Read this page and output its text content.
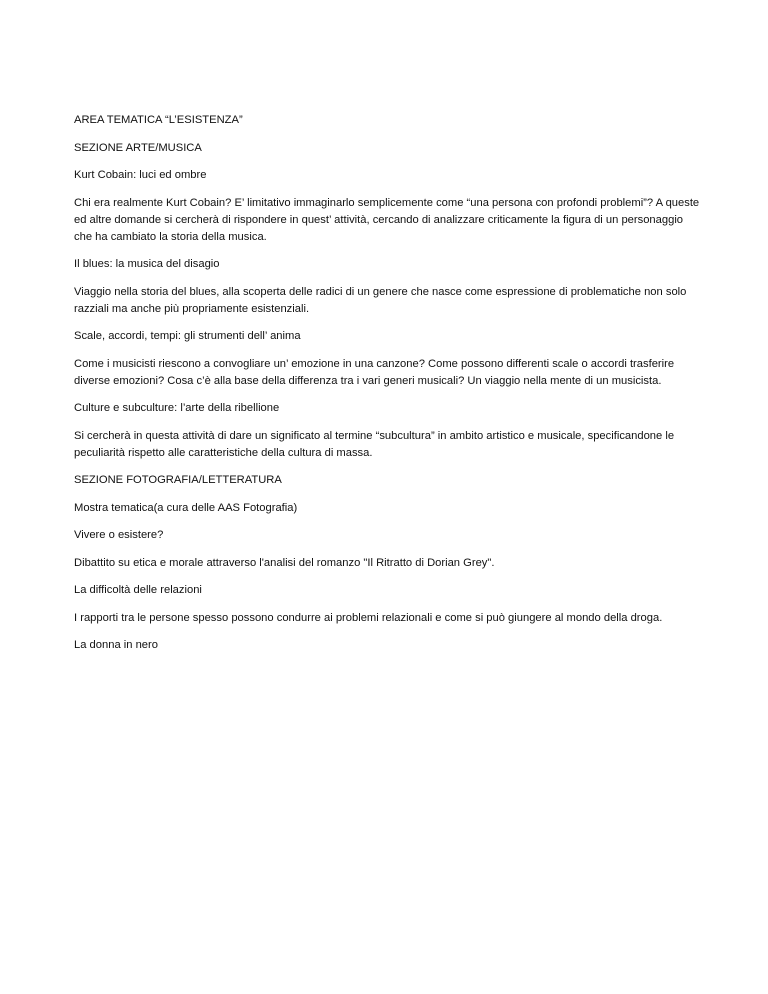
AREA TEMATICA “L’ESISTENZA”

SEZIONE ARTE/MUSICA

Kurt Cobain: luci ed ombre

Chi era realmente Kurt Cobain? E’ limitativo immaginarlo semplicemente come “una persona con profondi problemi”? A queste ed altre domande si cercherà di rispondere in quest’ attività, cercando di analizzare criticamente la figura di un personaggio che ha cambiato la storia della musica.

Il blues: la musica del disagio

Viaggio nella storia del blues, alla scoperta delle radici di un genere che nasce come espressione di problematiche non solo razziali ma anche più propriamente esistenziali.

Scale, accordi, tempi: gli strumenti dell’ anima

Come i musicisti riescono a convogliare un’ emozione in una canzone? Come possono differenti scale o accordi trasferire diverse emozioni? Cosa c’è alla base della differenza tra i vari generi musicali? Un viaggio nella mente di un musicista.

Culture e subculture: l’arte della ribellione

Si cercherà in questa attività di dare un significato al termine “subcultura” in ambito artistico e musicale, specificandone le peculiarità rispetto alle caratteristiche della cultura di massa.

SEZIONE FOTOGRAFIA/LETTERATURA

Mostra tematica(a cura delle AAS Fotografia)

Vivere o esistere?

Dibattito su etica e morale attraverso l'analisi del romanzo "Il Ritratto di Dorian Grey".

La difficoltà delle relazioni

I rapporti tra le persone spesso possono condurre ai problemi relazionali e come si può giungere al mondo della droga.

La donna in nero
